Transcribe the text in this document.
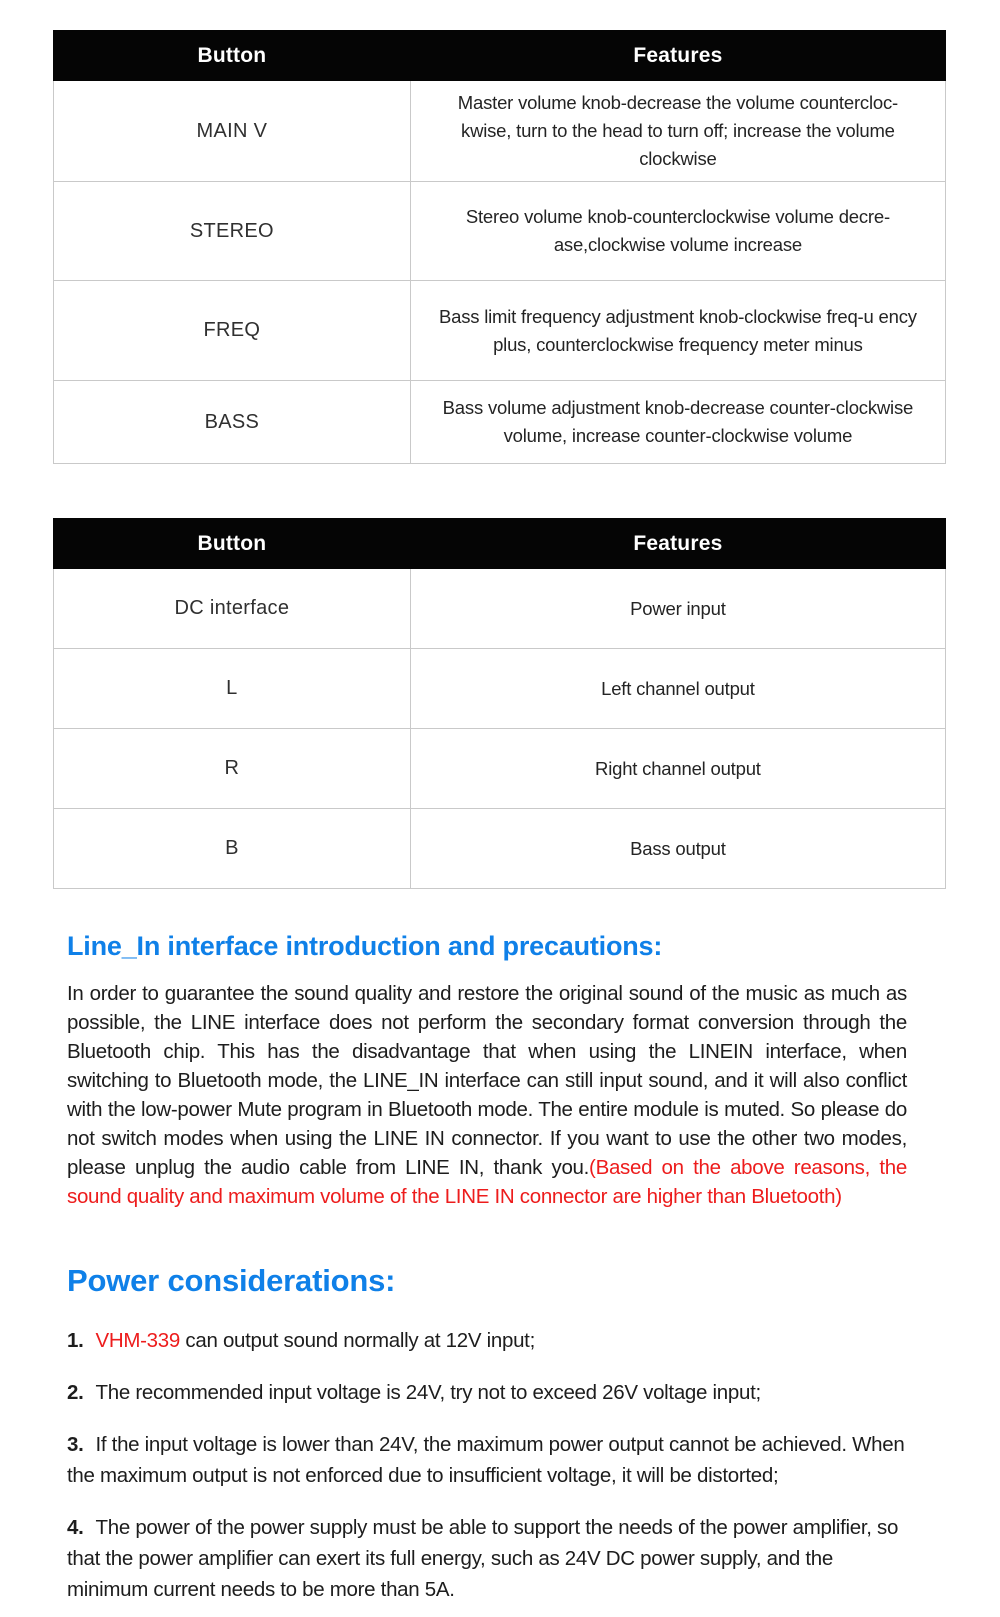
Button	Features
MAIN V	Master volume knob-decrease the volume countercloc-kwise, turn to the head to turn off; increase the volume clockwise
STEREO	Stereo volume knob-counterclockwise volume decre-ase,clockwise volume increase
FREQ	Bass limit frequency adjustment knob-clockwise freq-u ency plus, counterclockwise frequency meter minus
BASS	Bass volume adjustment knob-decrease counter-clockwise volume, increase counter-clockwise volume
Button	Features
DC interface	Power input
L	Left channel output
R	Right channel output
B	Bass output
Line_In interface introduction and precautions:

In order to guarantee the sound quality and restore the original sound of the music as much as possible, the LINE interface does not perform the secondary format conversion through the Bluetooth chip. This has the disadvantage that when using the LINEIN interface, when switching to Bluetooth mode, the LINE_IN interface can still input sound, and it will also conflict with the low-power Mute program in Bluetooth mode. The entire module is muted. So please do not switch modes when using the LINE IN connector. If you want to use the other two modes, please unplug the audio cable from LINE IN, thank you.(Based on the above reasons, the sound quality and maximum volume of the LINE IN connector are higher than Bluetooth)

Power considerations:

1. VHM-339 can output sound normally at 12V input;

2. The recommended input voltage is 24V, try not to exceed 26V voltage input;

3. If the input voltage is lower than 24V, the maximum power output cannot be achieved. When the maximum output is not enforced due to insufficient voltage, it will be distorted;

4. The power of the power supply must be able to support the needs of the power amplifier, so that the power amplifier can exert its full energy, such as 24V DC power supply, and the minimum current needs to be more than 5A.
